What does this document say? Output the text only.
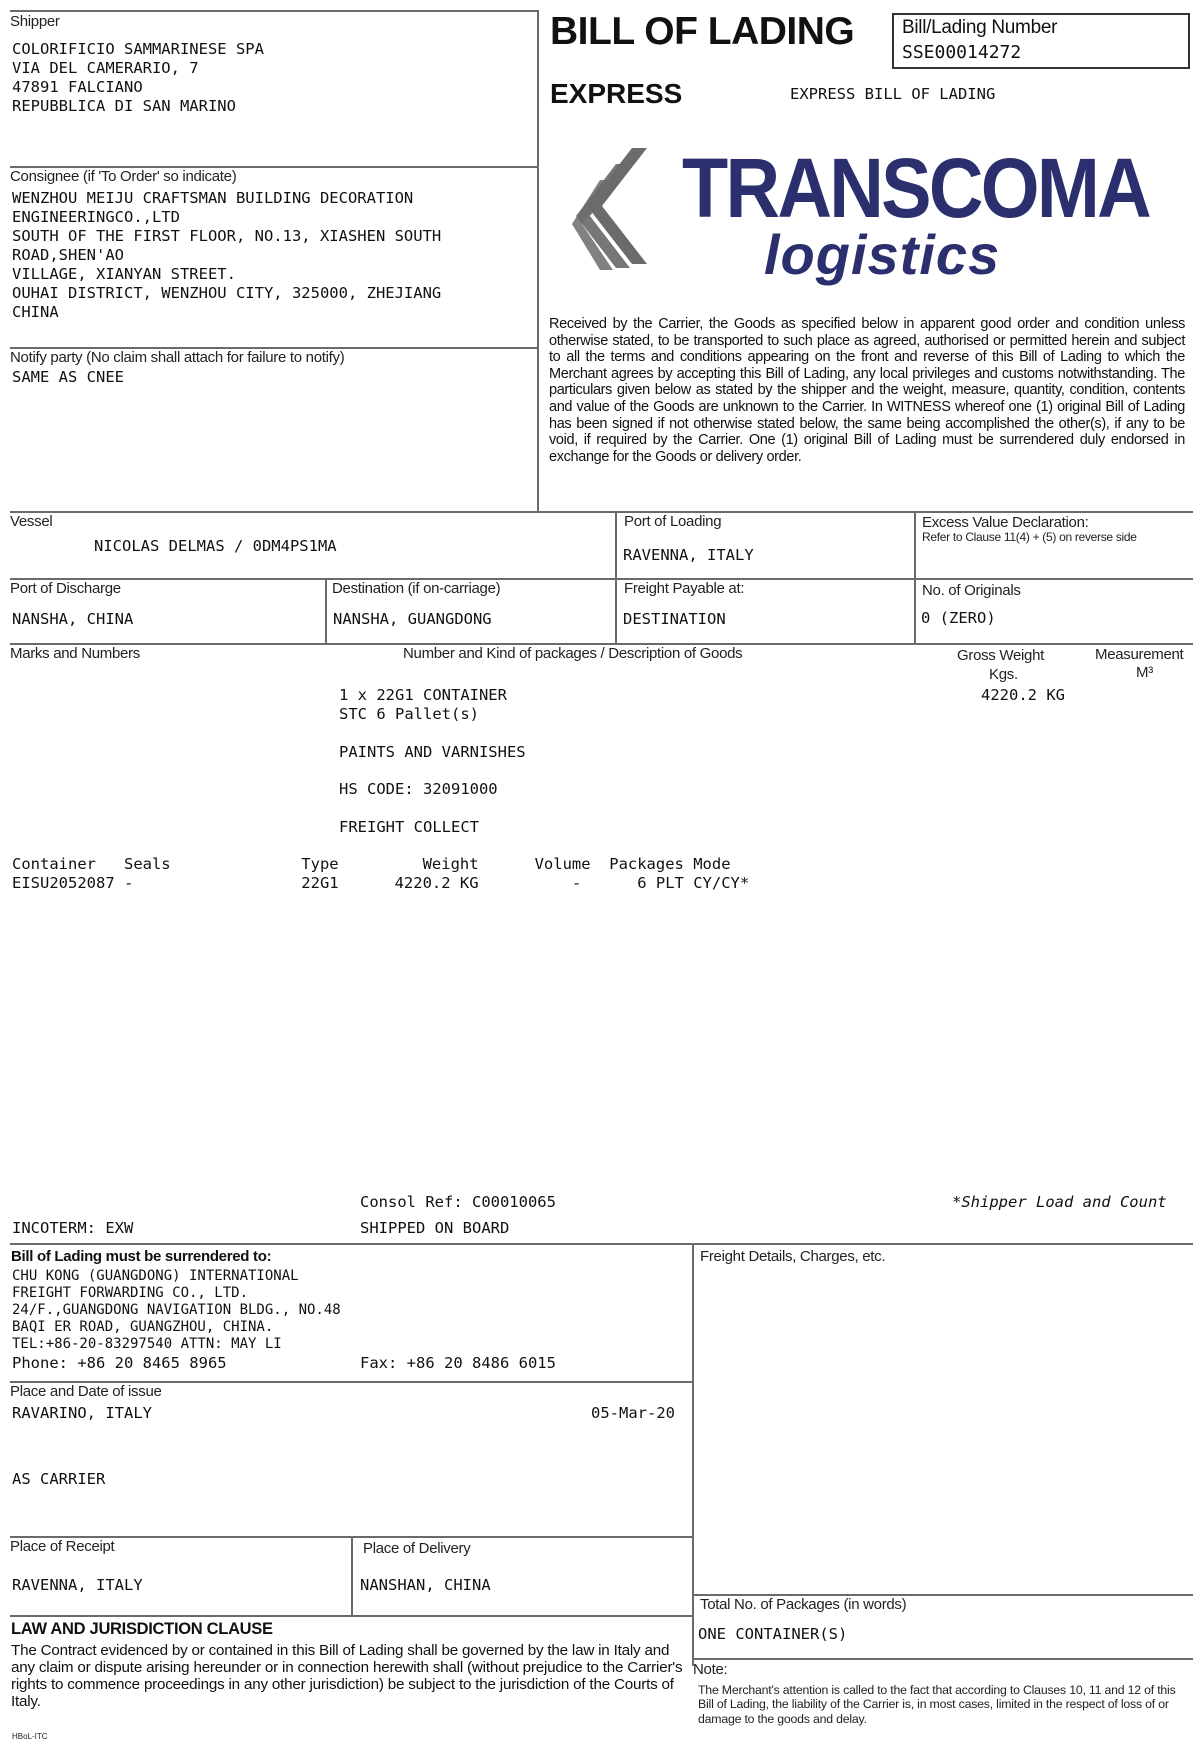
Shipper
COLORIFICIO SAMMARINESE SPA
VIA DEL CAMERARIO, 7
47891 FALCIANO
REPUBBLICA DI SAN MARINO
BILL OF LADING
EXPRESS	EXPRESS BILL OF LADING
Bill/Lading Number
SSE00014272
TRANSCOMA
logistics
Received by the Carrier, the Goods as specified below in apparent good order and condition unless otherwise stated, to be transported to such place as agreed, authorised or permitted herein and subject to all the terms and conditions appearing on the front and reverse of this Bill of Lading to which the Merchant agrees by accepting this Bill of Lading, any local privileges and customs notwithstanding. The particulars given below as stated by the shipper and the weight, measure, quantity, condition, contents and value of the Goods are unknown to the Carrier. In WITNESS whereof one (1) original Bill of Lading has been signed if not otherwise stated below, the same being accomplished the other(s), if any to be void, if required by the Carrier. One (1) original Bill of Lading must be surrendered duly endorsed in exchange for the Goods or delivery order.
Consignee (if 'To Order' so indicate)
WENZHOU MEIJU CRAFTSMAN BUILDING DECORATION
ENGINEERINGCO.,LTD
SOUTH OF THE FIRST FLOOR, NO.13, XIASHEN SOUTH
ROAD,SHEN'AO
VILLAGE, XIANYAN STREET.
OUHAI DISTRICT, WENZHOU CITY, 325000, ZHEJIANG
CHINA
Notify party (No claim shall attach for failure to notify)
SAME AS CNEE
Vessel
NICOLAS DELMAS / 0DM4PS1MA
Port of Loading
RAVENNA, ITALY
Excess Value Declaration:
Refer to Clause 11(4) + (5) on reverse side
Port of Discharge
NANSHA, CHINA
Destination (if on-carriage)
NANSHA, GUANGDONG
Freight Payable at:
DESTINATION
No. of Originals
0 (ZERO)
Marks and Numbers	Number and Kind of packages / Description of Goods	Gross Weight
Kgs.
Measurement
M³
1 x 22G1 CONTAINER
STC 6 Pallet(s)
PAINTS AND VARNISHES
HS CODE: 32091000
FREIGHT COLLECT
4220.2 KG
Container   Seals              Type         Weight      Volume  Packages Mode
EISU2052087 -                  22G1      4220.2 KG          -      6 PLT CY/CY*
Consol Ref: C00010065
SHIPPED ON BOARD
INCOTERM: EXW
*Shipper Load and Count
Bill of Lading must be surrendered to:
CHU KONG (GUANGDONG) INTERNATIONAL
FREIGHT FORWARDING CO., LTD.
24/F.,GUANGDONG NAVIGATION BLDG., NO.48
BAQI ER ROAD, GUANGZHOU, CHINA.
TEL:+86-20-83297540 ATTN: MAY LI
Phone: +86 20 8465 8965	Fax: +86 20 8486 6015
Freight Details, Charges, etc.
Place and Date of issue
RAVARINO, ITALY	05-Mar-20
AS CARRIER
Place of Receipt
RAVENNA, ITALY
Place of Delivery
NANSHAN, CHINA
Total No. of Packages (in words)
ONE CONTAINER(S)
LAW AND JURISDICTION CLAUSE
The Contract evidenced by or contained in this Bill of Lading shall be governed by the law in Italy and any claim or dispute arising hereunder or in connection herewith shall (without prejudice to the Carrier's rights to commence proceedings in any other jurisdiction) be subject to the jurisdiction of the Courts of Italy.
Note:
The Merchant's attention is called to the fact that according to Clauses 10, 11 and 12 of this Bill of Lading, the liability of the Carrier is, in most cases, limited in the respect of loss of or damage to the goods and delay.
HBoL-ITC
